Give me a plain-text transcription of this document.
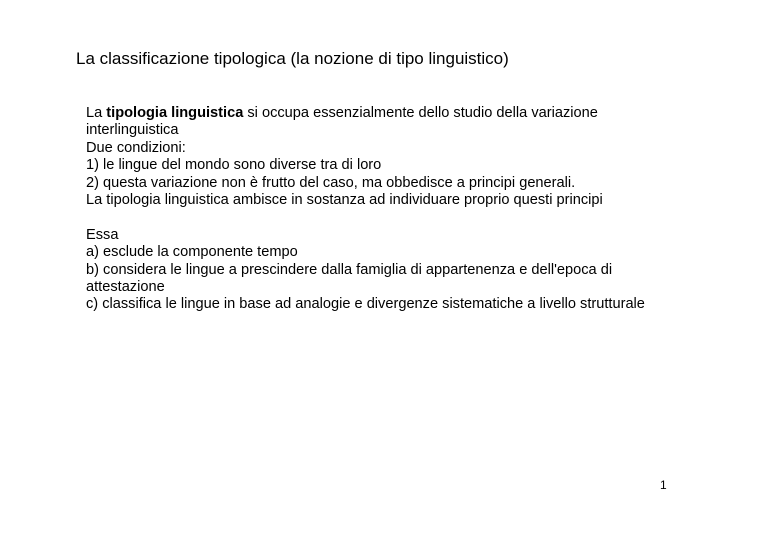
La classificazione tipologica (la nozione di tipo linguistico)

La tipologia linguistica si occupa essenzialmente dello studio della variazione interlinguistica

Due condizioni:

1) le lingue del mondo sono diverse tra di loro

2) questa variazione non è frutto del caso, ma obbedisce a principi generali.

La tipologia linguistica ambisce in sostanza ad individuare proprio questi principi

Essa

a) esclude la componente tempo

b) considera le lingue a prescindere dalla famiglia di appartenenza e dell'epoca di attestazione

c) classifica le lingue in base ad analogie e divergenze sistematiche a livello strutturale

1
